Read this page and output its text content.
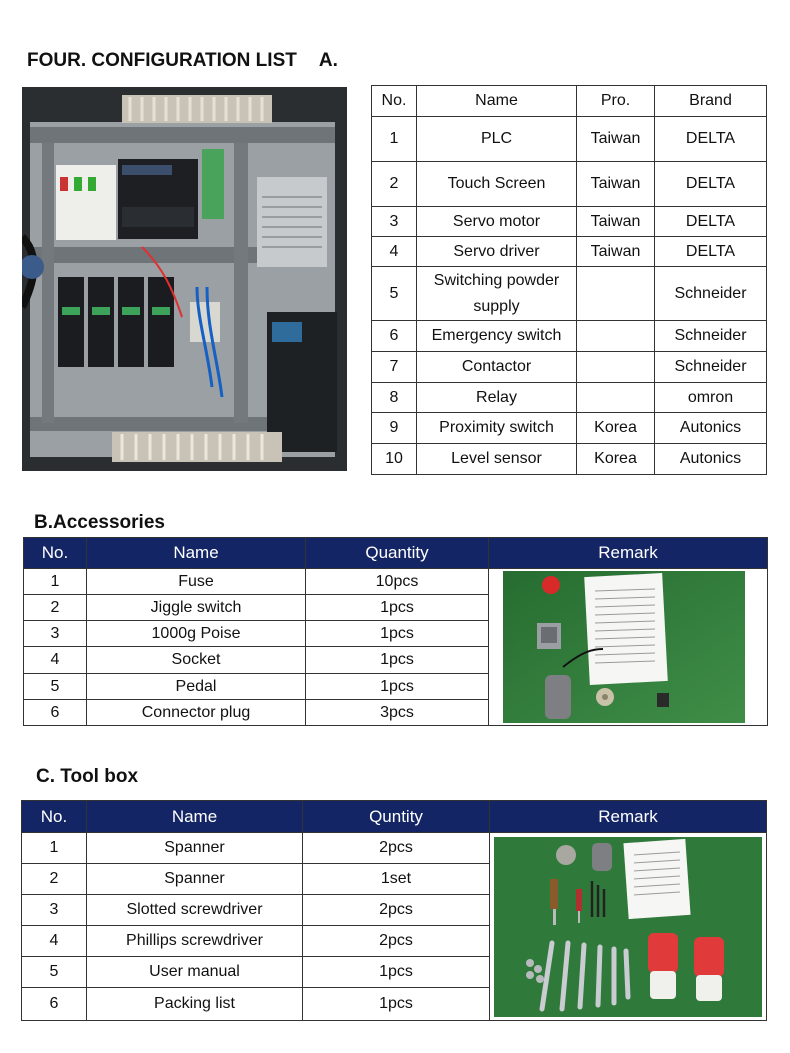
FOUR. CONFIGURATION LIST A.
No.	Name	Pro.	Brand
1	PLC	Taiwan	DELTA
2	Touch Screen	Taiwan	DELTA
3	Servo motor	Taiwan	DELTA
4	Servo driver	Taiwan	DELTA
5	Switching powder supply		Schneider
6	Emergency switch		Schneider
7	Contactor		Schneider
8	Relay		omron
9	Proximity switch	Korea	Autonics
10	Level sensor	Korea	Autonics
B.Accessories
No.	Name	Quantity	Remark
1	Fuse	10pcs	

2	Jiggle switch	1pcs	
3	1000g Poise	1pcs	
4	Socket	1pcs	
5	Pedal	1pcs	
6	Connector plug	3pcs	
C. Tool box
No.	Name	Quntity	Remark
1	Spanner	2pcs	

2	Spanner	1set	
3	Slotted screwdriver	2pcs	
4	Phillips screwdriver	2pcs	
5	User manual	1pcs	
6	Packing list	1pcs	
